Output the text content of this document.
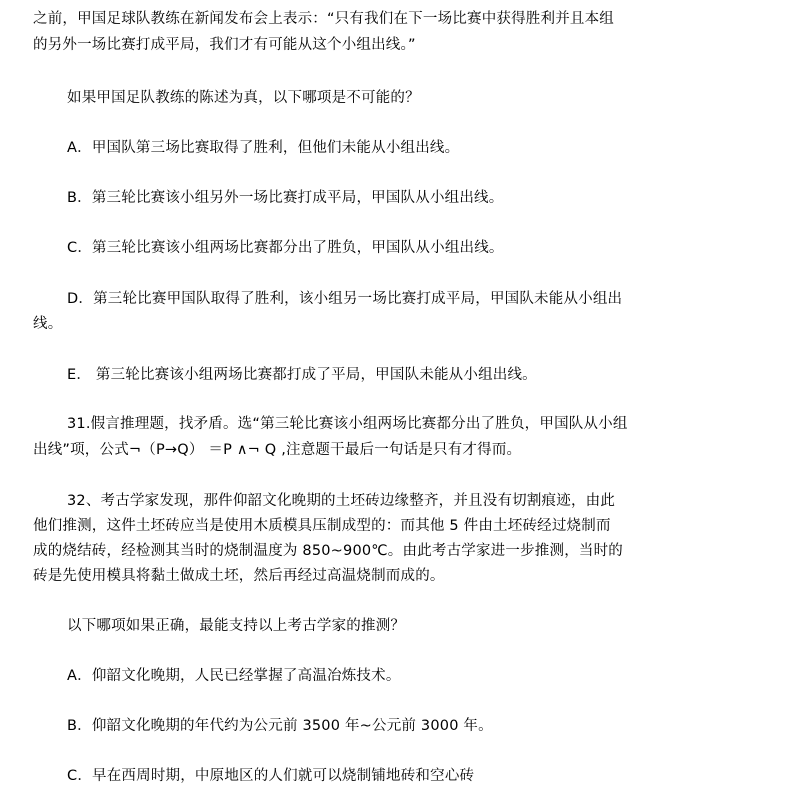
之前，甲国足球队教练在新闻发布会上表示：“只有我们在下一场比赛中获得胜利并且本组
的另外一场比赛打成平局，我们才有可能从这个小组出线。”
如果甲国足队教练的陈述为真，以下哪项是不可能的？
A．甲国队第三场比赛取得了胜利，但他们未能从小组出线。
B．第三轮比赛该小组另外一场比赛打成平局，甲国队从小组出线。
C．第三轮比赛该小组两场比赛都分出了胜负，甲国队从小组出线。
D．第三轮比赛甲国队取得了胜利，该小组另一场比赛打成平局，甲国队未能从小组出
线。
E． 第三轮比赛该小组两场比赛都打成了平局，甲国队未能从小组出线。
31.假言推理题，找矛盾。选“第三轮比赛该小组两场比赛都分出了胜负，甲国队从小组
出线”项，公式¬（P→Q） ＝P ∧¬ Q ,注意题干最后一句话是只有才得而。
32、考古学家发现，那件仰韶文化晚期的土坯砖边缘整齐，并且没有切割痕迹，由此
他们推测，这件土坯砖应当是使用木质模具压制成型的：而其他 5 件由土坯砖经过烧制而
成的烧结砖，经检测其当时的烧制温度为 850~900℃。由此考古学家进一步推测，当时的
砖是先使用模具将黏土做成土坯，然后再经过高温烧制而成的。
以下哪项如果正确，最能支持以上考古学家的推测？
A．仰韶文化晚期，人民已经掌握了高温冶炼技术。
B．仰韶文化晚期的年代约为公元前 3500 年~公元前 3000 年。
C．早在西周时期，中原地区的人们就可以烧制铺地砖和空心砖
